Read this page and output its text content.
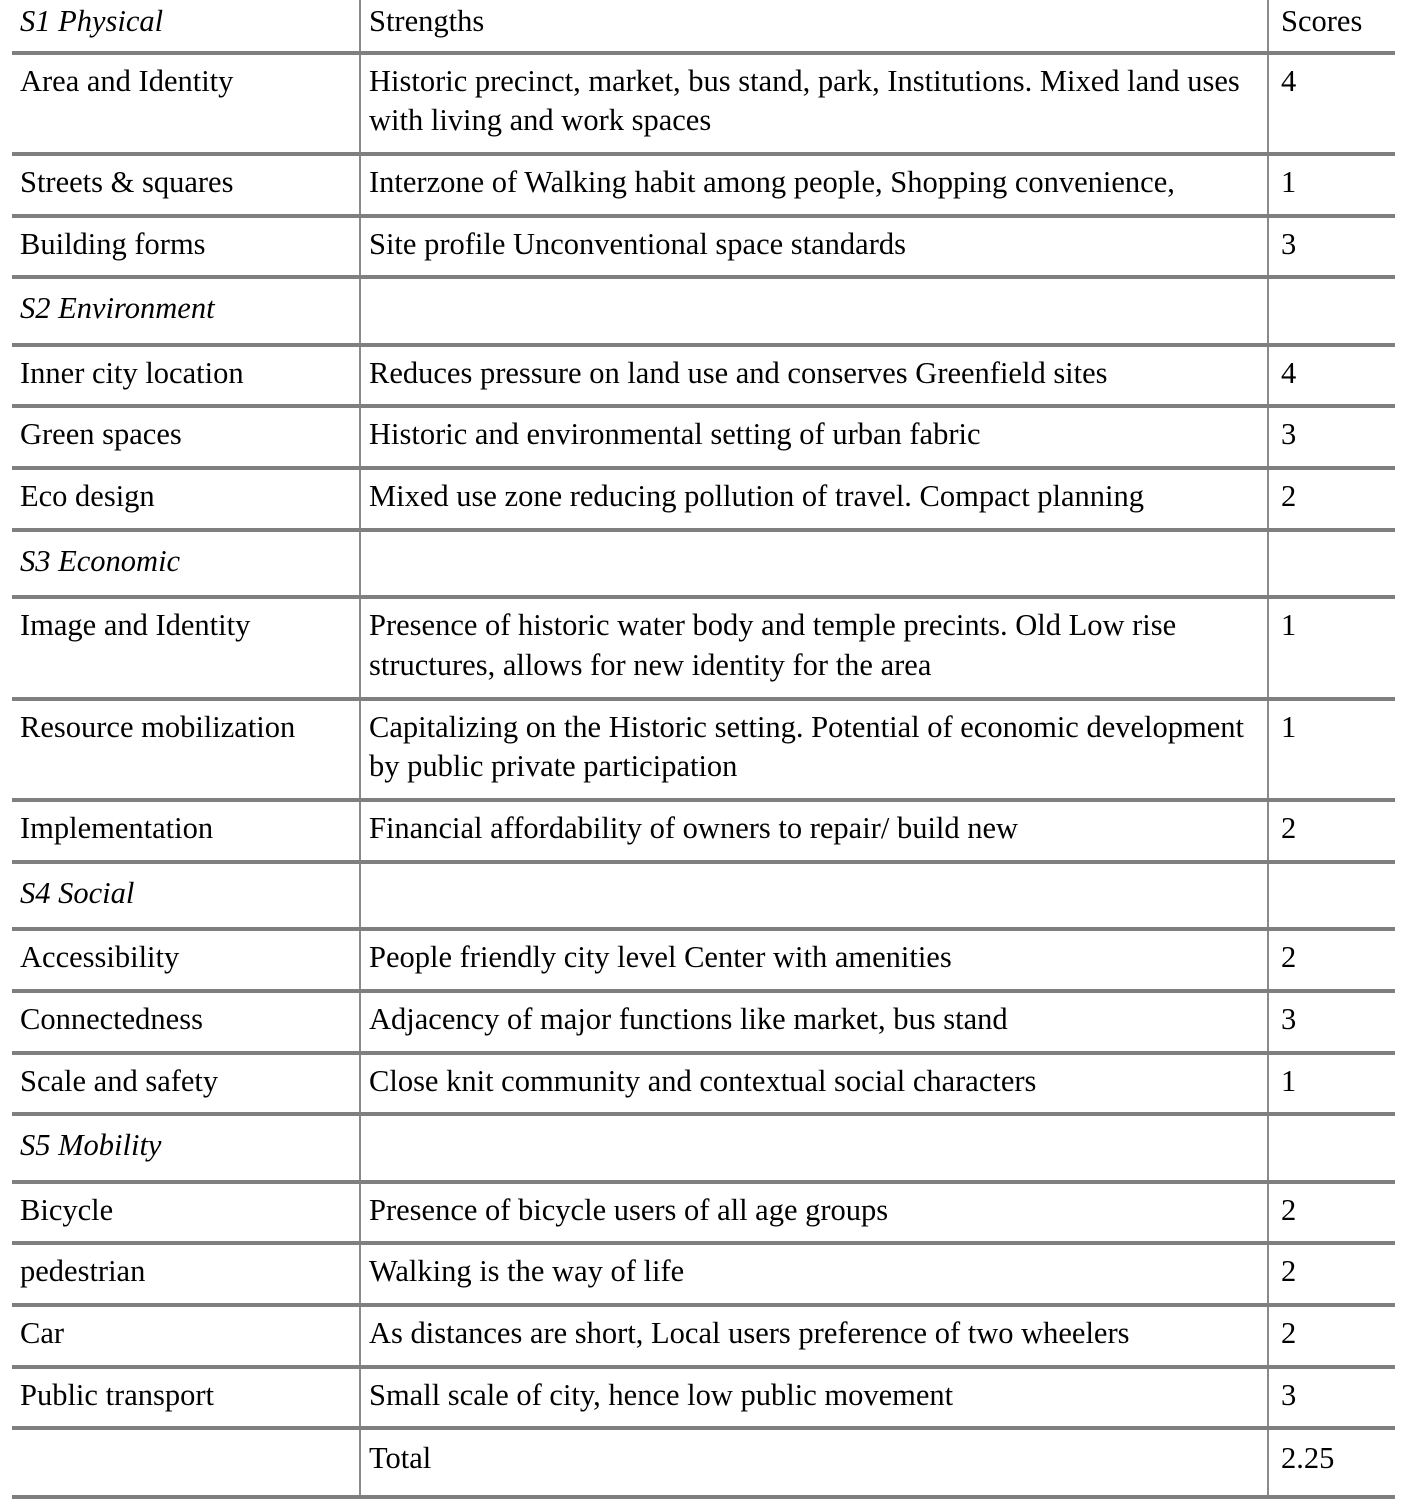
S1 Physical	Strengths	Scores
Area and Identity	Historic precinct, market, bus stand, park, Institutions. Mixed land uses with living and work spaces	4
Streets & squares	Interzone of Walking habit among people, Shopping convenience,	1
Building forms	Site profile Unconventional space standards	3
S2 Environment		
Inner city location	Reduces pressure on land use and conserves Greenfield sites	4
Green spaces	Historic and environmental setting of urban fabric	3
Eco design	Mixed use zone reducing pollution of travel. Compact planning	2
S3 Economic		
Image and Identity	Presence of historic water body and temple precints. Old Low rise structures, allows for new identity for the area	1
Resource mobilization	Capitalizing on the Historic setting. Potential of economic development by public private participation	1
Implementation	Financial affordability of owners to repair/ build new	2
S4 Social		
Accessibility	People friendly city level Center with amenities	2
Connectedness	Adjacency of major functions like market, bus stand	3
Scale and safety	Close knit community and contextual social characters	1
S5 Mobility		
Bicycle	Presence of bicycle users of all age groups	2
pedestrian	Walking is the way of life	2
Car	As distances are short, Local users preference of two wheelers	2
Public transport	Small scale of city, hence low public movement	3
	Total	2.25
